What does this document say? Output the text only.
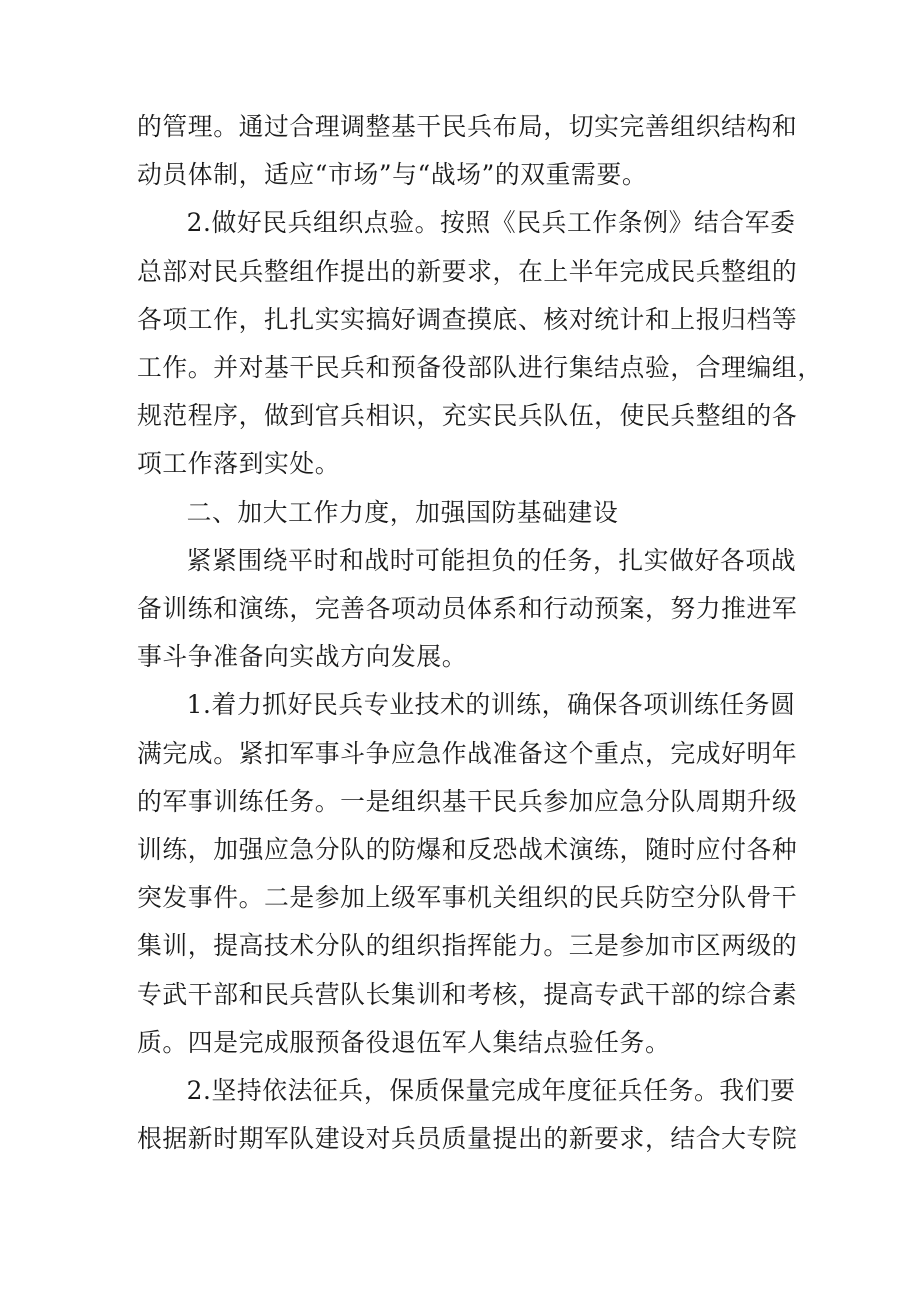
的管理。通过合理调整基干民兵布局，切实完善组织结构和
动员体制，适应“市场”与“战场”的双重需要。

2.做好民兵组织点验。按照《民兵工作条例》结合军委
总部对民兵整组作提出的新要求，在上半年完成民兵整组的
各项工作，扎扎实实搞好调查摸底、核对统计和上报归档等
工作。并对基干民兵和预备役部队进行集结点验，合理编组，
规范程序，做到官兵相识，充实民兵队伍，使民兵整组的各
项工作落到实处。

二、加大工作力度，加强国防基础建设

紧紧围绕平时和战时可能担负的任务，扎实做好各项战
备训练和演练，完善各项动员体系和行动预案，努力推进军
事斗争准备向实战方向发展。

1.着力抓好民兵专业技术的训练，确保各项训练任务圆
满完成。紧扣军事斗争应急作战准备这个重点，完成好明年
的军事训练任务。一是组织基干民兵参加应急分队周期升级
训练，加强应急分队的防爆和反恐战术演练，随时应付各种
突发事件。二是参加上级军事机关组织的民兵防空分队骨干
集训，提高技术分队的组织指挥能力。三是参加市区两级的
专武干部和民兵营队长集训和考核，提高专武干部的综合素
质。四是完成服预备役退伍军人集结点验任务。

2.坚持依法征兵，保质保量完成年度征兵任务。我们要
根据新时期军队建设对兵员质量提出的新要求，结合大专院
